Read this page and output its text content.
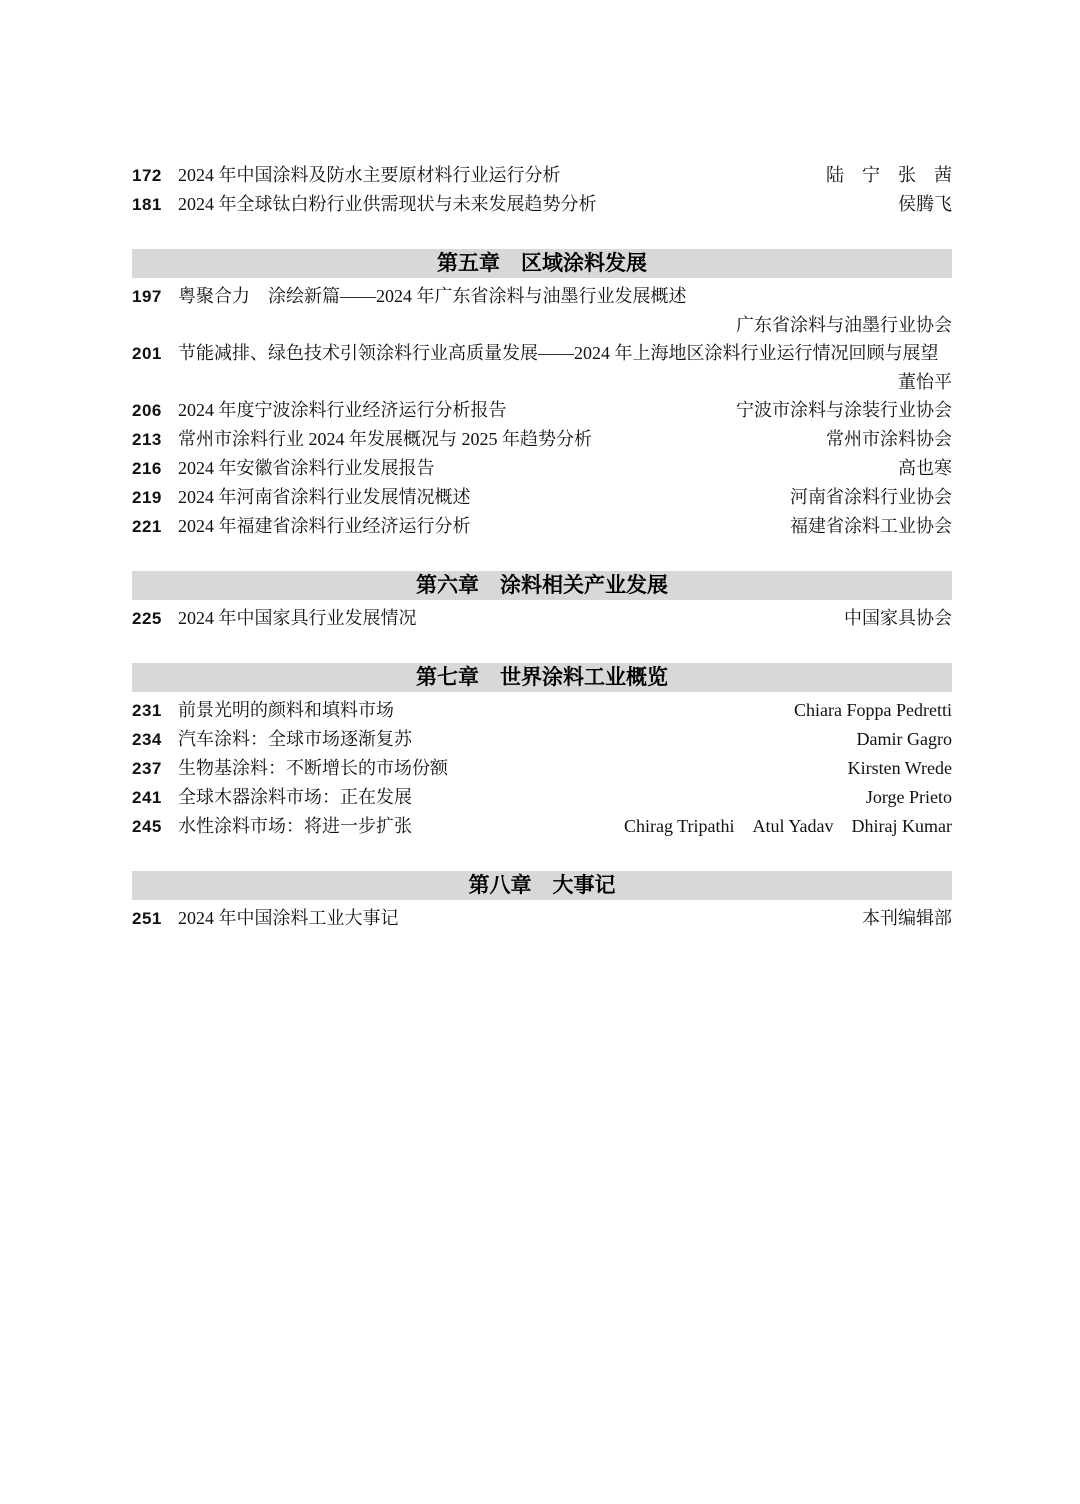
172 2024 年中国涂料及防水主要原材料行业运行分析	陆　宁　张　茜
181 2024 年全球钛白粉行业供需现状与未来发展趋势分析	侯腾飞
第五章　区域涂料发展
197 粤聚合力　涂绘新篇——2024 年广东省涂料与油墨行业发展概述
广东省涂料与油墨行业协会
201 节能减排、绿色技术引领涂料行业高质量发展——2024 年上海地区涂料行业运行情况回顾与展望
董怡平
206 2024 年度宁波涂料行业经济运行分析报告	宁波市涂料与涂装行业协会
213 常州市涂料行业 2024 年发展概况与 2025 年趋势分析	常州市涂料协会
216 2024 年安徽省涂料行业发展报告	高也寒
219 2024 年河南省涂料行业发展情况概述	河南省涂料行业协会
221 2024 年福建省涂料行业经济运行分析	福建省涂料工业协会
第六章　涂料相关产业发展
225 2024 年中国家具行业发展情况	中国家具协会
第七章　世界涂料工业概览
231 前景光明的颜料和填料市场	Chiara Foppa Pedretti
234 汽车涂料：全球市场逐渐复苏	Damir Gagro
237 生物基涂料：不断增长的市场份额	Kirsten Wrede
241 全球木器涂料市场：正在发展	Jorge Prieto
245 水性涂料市场：将进一步扩张	Chirag Tripathi Atul Yadav Dhiraj Kumar
第八章　大事记
251 2024 年中国涂料工业大事记	本刊编辑部
